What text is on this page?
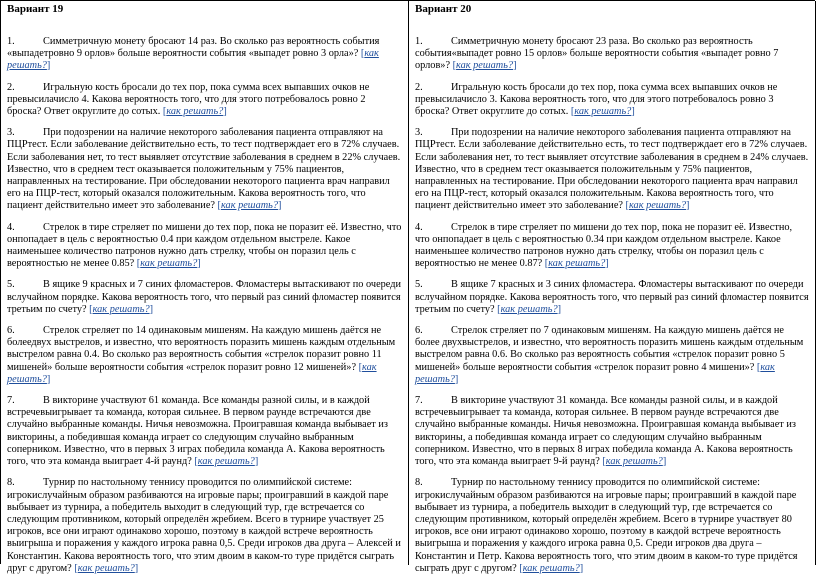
Вариант 19
1.	Симметричную монету бросают 14 раз. Во сколько раз вероятность события «выпадетровно 9 орлов» больше вероятности события «выпадет ровно 3 орла»? [как решать?]
2.	Игральную кость бросали до тех пор, пока сумма всех выпавших очков не превысилачисло 4. Какова вероятность того, что для этого потребовалось ровно 2 броска? Ответ округлите до сотых. [как решать?]
3.	При подозрении на наличие некоторого заболевания пациента отправляют на ПЦРтест. Если заболевание действительно есть, то тест подтверждает его в 72% случаев. Если заболевания нет, то тест выявляет отсутствие заболевания в среднем в 22% случаев. Известно, что в среднем тест оказывается положительным у 75% пациентов, направленных на тестирование. При обследовании некоторого пациента врач направил его на ПЦР-тест, который оказался положительным. Какова вероятность того, что пациент действительно имеет это заболевание? [как решать?]
4.	Стрелок в тире стреляет по мишени до тех пор, пока не поразит её. Известно, что онпопадает в цель с вероятностью 0.4 при каждом отдельном выстреле. Какое наименьшее количество патронов нужно дать стрелку, чтобы он поразил цель с вероятностью не менее 0.85? [как решать?]
5.	В ящике 9 красных и 7 синих фломастеров. Фломастеры вытаскивают по очереди вслучайном порядке. Какова вероятность того, что первый раз синий фломастер появится третьим по счету? [как решать?]
6.	Стрелок стреляет по 14 одинаковым мишеням. На каждую мишень даётся не болеедвух выстрелов, и известно, что вероятность поразить мишень каждым отдельным выстрелом равна 0.4. Во сколько раз вероятность события «стрелок поразит ровно 11 мишеней» больше вероятности события «стрелок поразит ровно 12 мишеней»? [как решать?]
7.	В викторине участвуют 61 команда. Все команды разной силы, и в каждой встречевыигрывает та команда, которая сильнее. В первом раунде встречаются две случайно выбранные команды. Ничья невозможна. Проигравшая команда выбывает из викторины, а победившая команда играет со следующим случайно выбранным соперником. Известно, что в первых 3 играх победила команда А. Какова вероятность того, что эта команда выиграет 4-й раунд? [как решать?]
8.	Турнир по настольному теннису проводится по олимпийской системе: игрокислучайным образом разбиваются на игровые пары; проигравший в каждой паре выбывает из турнира, а победитель выходит в следующий тур, где встречается со следующим противником, который определён жребием. Всего в турнире участвует 25 игроков, все они играют одинаково хорошо, поэтому в каждой встрече вероятность выигрыша и поражения у каждого игрока равна 0,5. Среди игроков два друга – Алексей и Константин. Какова вероятность того, что этим двоим в каком-то туре придётся сыграть друг с другом? [как решать?]
Вариант 20
1.	Симметричную монету бросают 23 раза. Во сколько раз вероятность события«выпадет ровно 15 орлов» больше вероятности события «выпадет ровно 7 орлов»? [как решать?]
2.	Игральную кость бросали до тех пор, пока сумма всех выпавших очков не превысилачисло 3. Какова вероятность того, что для этого потребовалось ровно 3 броска? Ответ округлите до сотых. [как решать?]
3.	При подозрении на наличие некоторого заболевания пациента отправляют на ПЦРтест. Если заболевание действительно есть, то тест подтверждает его в 72% случаев. Если заболевания нет, то тест выявляет отсутствие заболевания в среднем в 24% случаев. Известно, что в среднем тест оказывается положительным у 75% пациентов, направленных на тестирование. При обследовании некоторого пациента врач направил его на ПЦР-тест, который оказался положительным. Какова вероятность того, что пациент действительно имеет это заболевание? [как решать?]
4.	Стрелок в тире стреляет по мишени до тех пор, пока не поразит её. Известно, что онпопадает в цель с вероятностью 0.34 при каждом отдельном выстреле. Какое наименьшее количество патронов нужно дать стрелку, чтобы он поразил цель с вероятностью не менее 0.87? [как решать?]
5.	В ящике 7 красных и 3 синих фломастера. Фломастеры вытаскивают по очереди вслучайном порядке. Какова вероятность того, что первый раз синий фломастер появится третьим по счету? [как решать?]
6.	Стрелок стреляет по 7 одинаковым мишеням. На каждую мишень даётся не более двухвыстрелов, и известно, что вероятность поразить мишень каждым отдельным выстрелом равна 0.6. Во сколько раз вероятность события «стрелок поразит ровно 5 мишеней» больше вероятности события «стрелок поразит ровно 4 мишени»? [как решать?]
7.	В викторине участвуют 31 команда. Все команды разной силы, и в каждой встречевыигрывает та команда, которая сильнее. В первом раунде встречаются две случайно выбранные команды. Ничья невозможна. Проигравшая команда выбывает из викторины, а победившая команда играет со следующим случайно выбранным соперником. Известно, что в первых 8 играх победила команда А. Какова вероятность того, что эта команда выиграет 9-й раунд? [как решать?]
8.	Турнир по настольному теннису проводится по олимпийской системе: игрокислучайным образом разбиваются на игровые пары; проигравший в каждой паре выбывает из турнира, а победитель выходит в следующий тур, где встречается со следующим противником, который определён жребием. Всего в турнире участвует 80 игроков, все они играют одинаково хорошо, поэтому в каждой встрече вероятность выигрыша и поражения у каждого игрока равна 0,5. Среди игроков два друга – Константин и Петр. Какова вероятность того, что этим двоим в каком-то туре придётся сыграть друг с другом? [как решать?]
